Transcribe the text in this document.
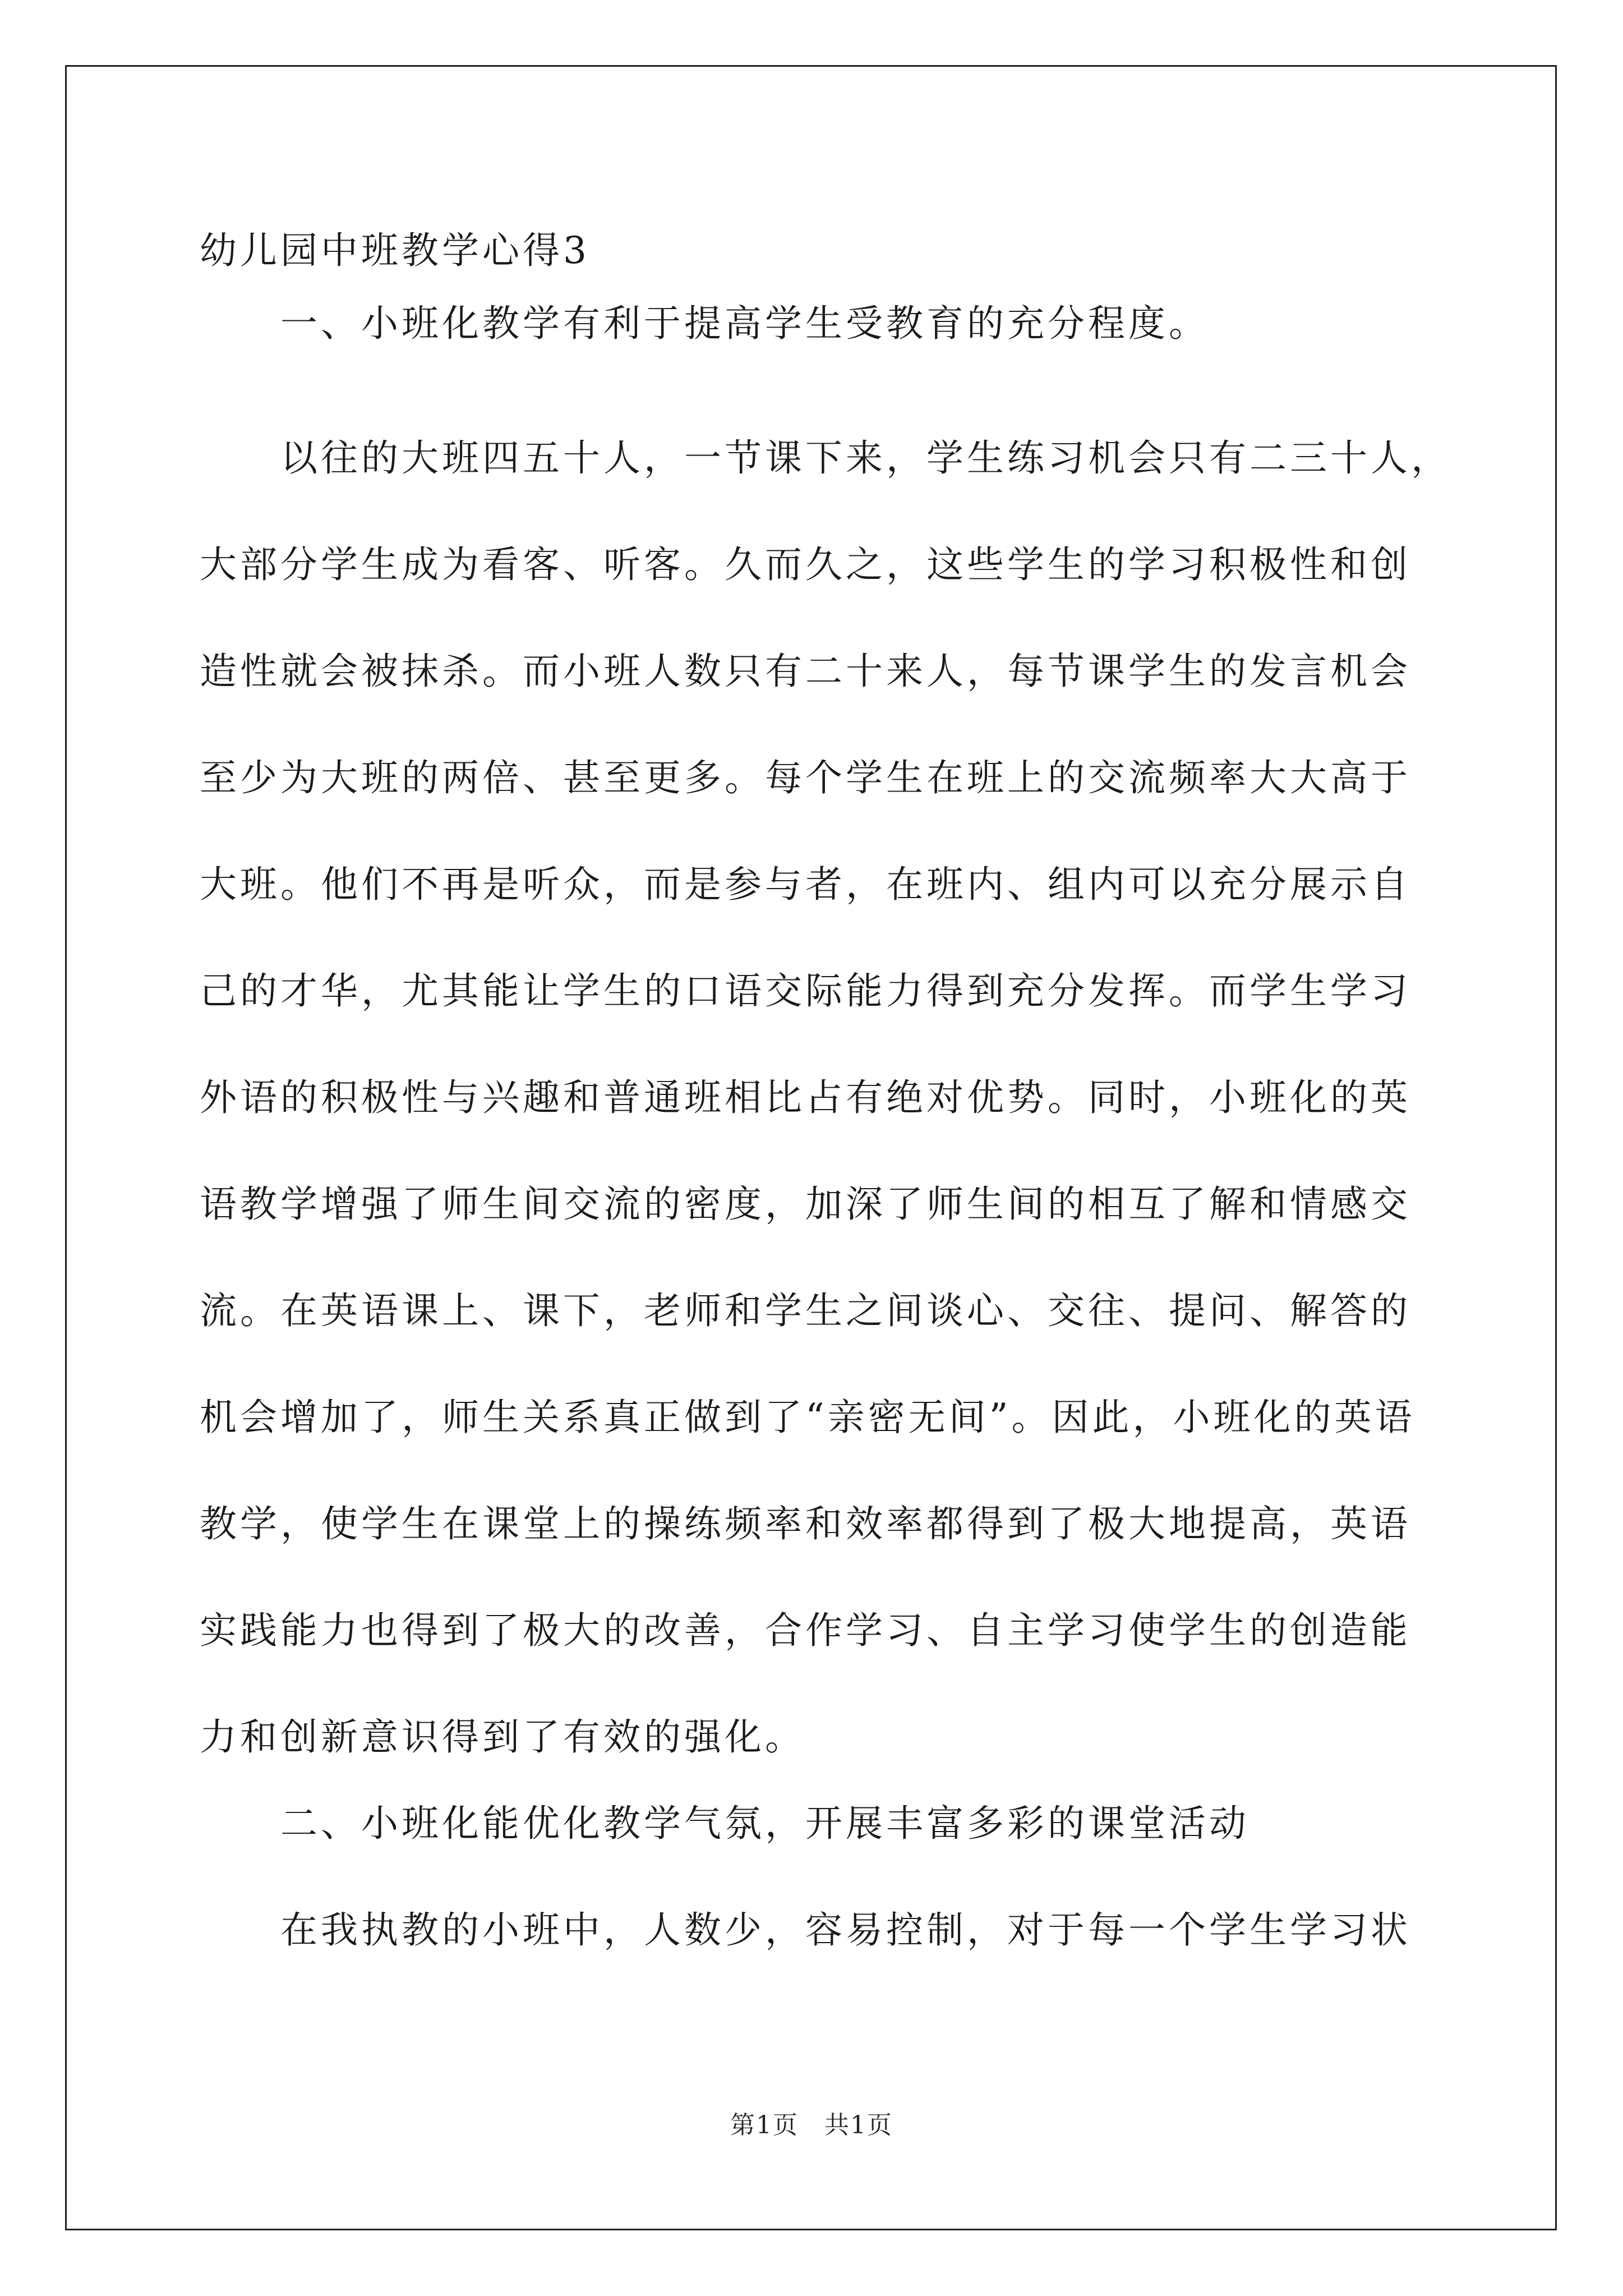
幼儿园中班教学心得3
一、小班化教学有利于提高学生受教育的充分程度。
以往的大班四五十人，一节课下来，学生练习机会只有二三十人，
大部分学生成为看客、听客。久而久之，这些学生的学习积极性和创
造性就会被抹杀。而小班人数只有二十来人，每节课学生的发言机会
至少为大班的两倍、甚至更多。每个学生在班上的交流频率大大高于
大班。他们不再是听众，而是参与者，在班内、组内可以充分展示自
己的才华，尤其能让学生的口语交际能力得到充分发挥。而学生学习
外语的积极性与兴趣和普通班相比占有绝对优势。同时，小班化的英
语教学增强了师生间交流的密度，加深了师生间的相互了解和情感交
流。在英语课上、课下，老师和学生之间谈心、交往、提问、解答的
机会增加了，师生关系真正做到了“亲密无间”。因此，小班化的英语
教学，使学生在课堂上的操练频率和效率都得到了极大地提高，英语
实践能力也得到了极大的改善，合作学习、自主学习使学生的创造能
力和创新意识得到了有效的强化。
二、小班化能优化教学气氛，开展丰富多彩的课堂活动
在我执教的小班中，人数少，容易控制，对于每一个学生学习状
第1页　共1页
